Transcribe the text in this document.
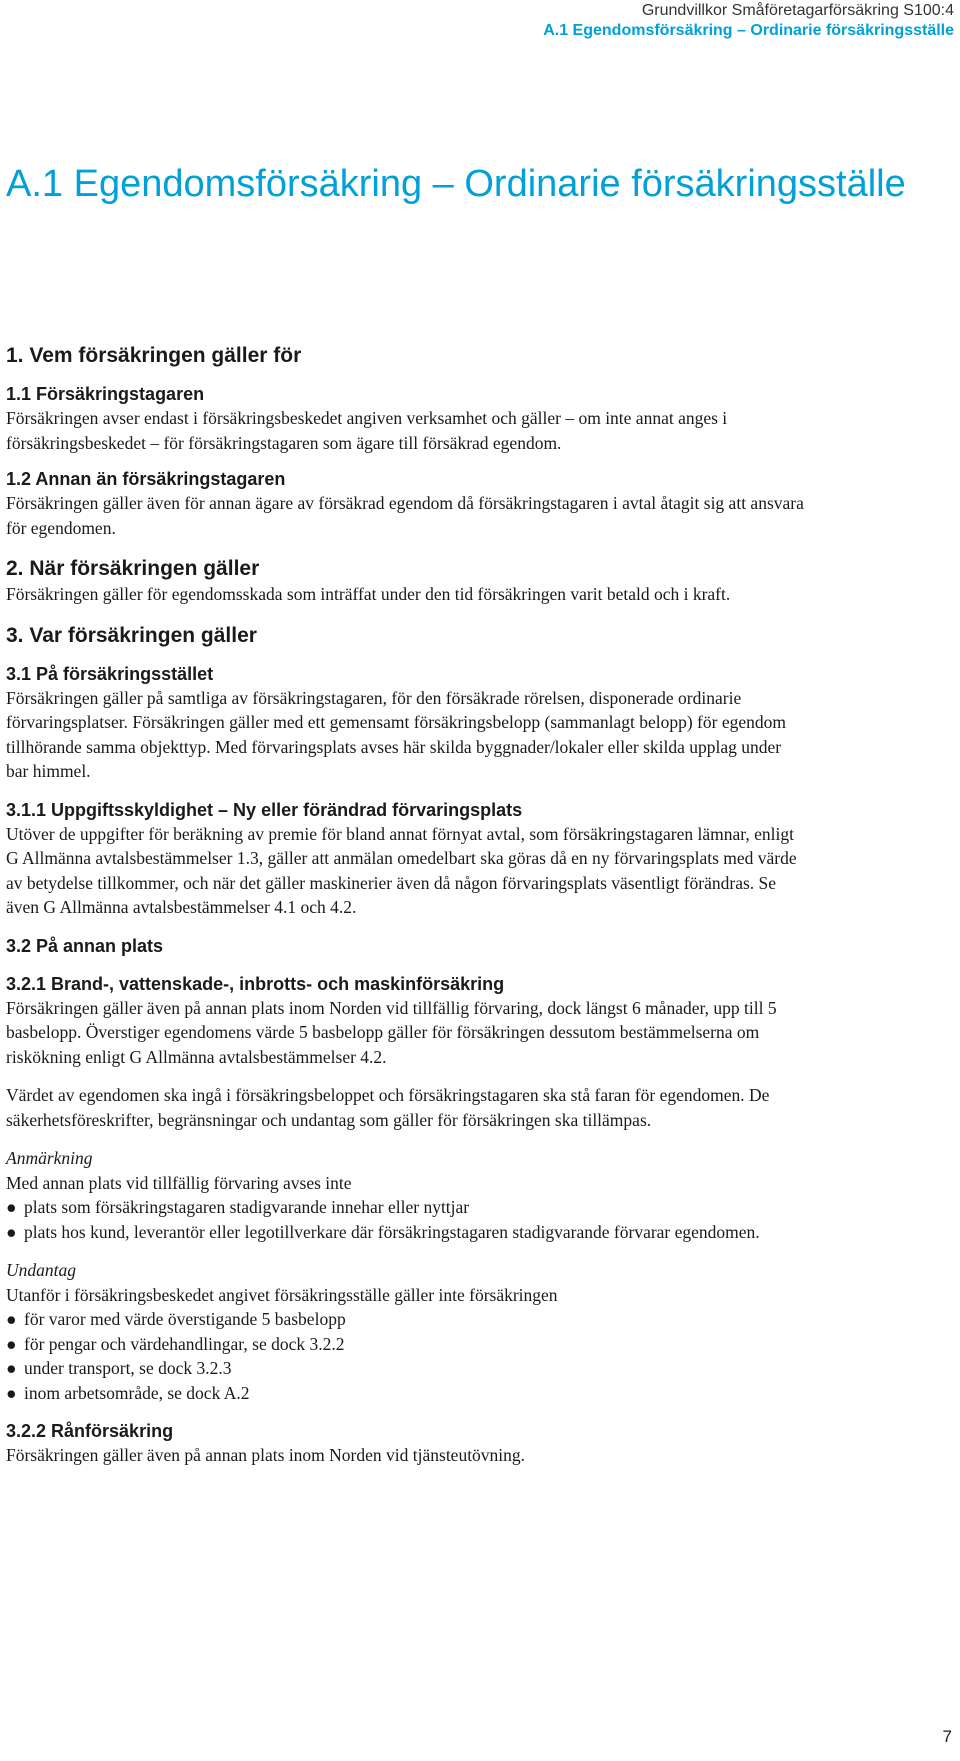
Grundvillkor Småföretagarförsäkring S100:4
A.1 Egendomsförsäkring – Ordinarie försäkringsställe
A.1 Egendomsförsäkring – Ordinarie försäkringsställe
1. Vem försäkringen gäller för
1.1 Försäkringstagaren
Försäkringen avser endast i försäkringsbeskedet angiven verksamhet och gäller – om inte annat anges i försäkringsbeskedet – för försäkringstagaren som ägare till försäkrad egendom.
1.2 Annan än försäkringstagaren
Försäkringen gäller även för annan ägare av försäkrad egendom då försäkringstagaren i avtal åtagit sig att ansvara för egendomen.
2. När försäkringen gäller
Försäkringen gäller för egendomsskada som inträffat under den tid försäkringen varit betald och i kraft.
3. Var försäkringen gäller
3.1 På försäkringsstället
Försäkringen gäller på samtliga av försäkringstagaren, för den försäkrade rörelsen, disponerade ordinarie förvaringsplatser. Försäkringen gäller med ett gemensamt försäkringsbelopp (sammanlagt belopp) för egendom tillhörande samma objekttyp. Med förvaringsplats avses här skilda byggnader/lokaler eller skilda upplag under bar himmel.
3.1.1 Uppgiftsskyldighet – Ny eller förändrad förvaringsplats
Utöver de uppgifter för beräkning av premie för bland annat förnyat avtal, som försäkringstagaren lämnar, enligt G Allmänna avtalsbestämmelser 1.3, gäller att anmälan omedelbart ska göras då en ny förvaringsplats med värde av betydelse tillkommer, och när det gäller maskinerier även då någon förvaringsplats väsentligt förändras. Se även G Allmänna avtalsbestämmelser 4.1 och 4.2.
3.2 På annan plats
3.2.1 Brand-, vattenskade-, inbrotts- och maskinförsäkring
Försäkringen gäller även på annan plats inom Norden vid tillfällig förvaring, dock längst 6 månader, upp till 5 basbelopp. Överstiger egendomens värde 5 basbelopp gäller för försäkringen dessutom bestämmelserna om riskökning enligt G Allmänna avtalsbestämmelser 4.2.
Värdet av egendomen ska ingå i försäkringsbeloppet och försäkringstagaren ska stå faran för egendomen. De säkerhetsföreskrifter, begränsningar och undantag som gäller för försäkringen ska tillämpas.
Anmärkning
Med annan plats vid tillfällig förvaring avses inte
● plats som försäkringstagaren stadigvarande innehar eller nyttjar
● plats hos kund, leverantör eller legotillverkare där försäkringstagaren stadigvarande förvarar egendomen.
Undantag
Utanför i försäkringsbeskedet angivet försäkringsställe gäller inte försäkringen
● för varor med värde överstigande 5 basbelopp
● för pengar och värdehandlingar, se dock 3.2.2
● under transport, se dock 3.2.3
● inom arbetsområde, se dock A.2
3.2.2 Rånförsäkring
Försäkringen gäller även på annan plats inom Norden vid tjänsteutövning.
7
